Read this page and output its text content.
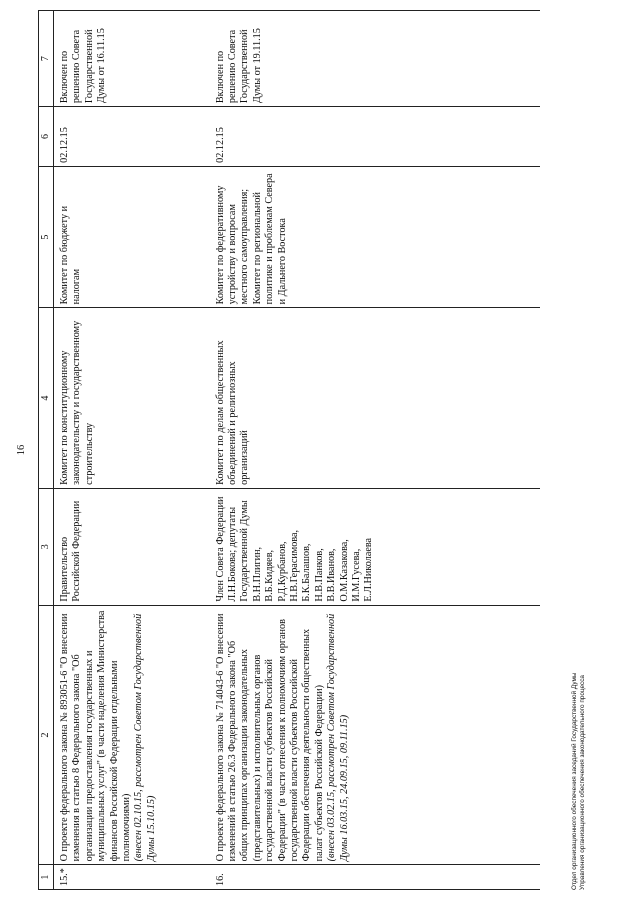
16
1	2	3	4	5	6	7
15.*	О проекте федерального закона № 893051-6 "О внесении изменения в статью 8 Федерального закона "Об организации предоставления государственных и муниципальных услуг" (в части наделения Министерства финансов Российской Федерации отдельными полномочиями) (внесен 02.10.15, рассмотрен Советом Государственной Думы 15.10.15)	Правительство Российской Федерации	Комитет по конституционному законодательству и государственному строительству	Комитет по бюджету и налогам	02.12.15	Включен по решению Совета Государственной Думы от 16.11.15
16.	О проекте федерального закона № 714043-6 "О внесении изменений в статью 26.3 Федерального закона "Об общих принципах организации законодательных (представительных) и исполнительных органов государственной власти субъектов Российской Федерации" (в части отнесения к полномочиям органов государственной власти субъектов Российской Федерации обеспечения деятельности общественных палат субъектов Российской Федерации) (внесен 03.02.15, рассмотрен Советом Государственной Думы 16.03.15, 24.09.15, 09.11.15)	Член Совета Федерации Л.Н.Бокова; депутаты Государственной Думы В.Н.Плигин, В.Б.Кидяев, Р.Д.Курбанов, Н.В.Герасимова, Б.К.Балашов, Н.В.Панков, В.В.Иванов, О.М.Казакова, И.М.Гусева, Е.Л.Николаева	Комитет по делам общественных объединений и религиозных организаций	Комитет по федеративному устройству и вопросам местного самоуправления; Комитет по региональной политике и проблемам Севера и Дальнего Востока	02.12.15	Включен по решению Совета Государственной Думы от 19.11.15
Отдел организационного обеспечения заседаний Государственной Думы Управления организационного обеспечения законодательного процесса
